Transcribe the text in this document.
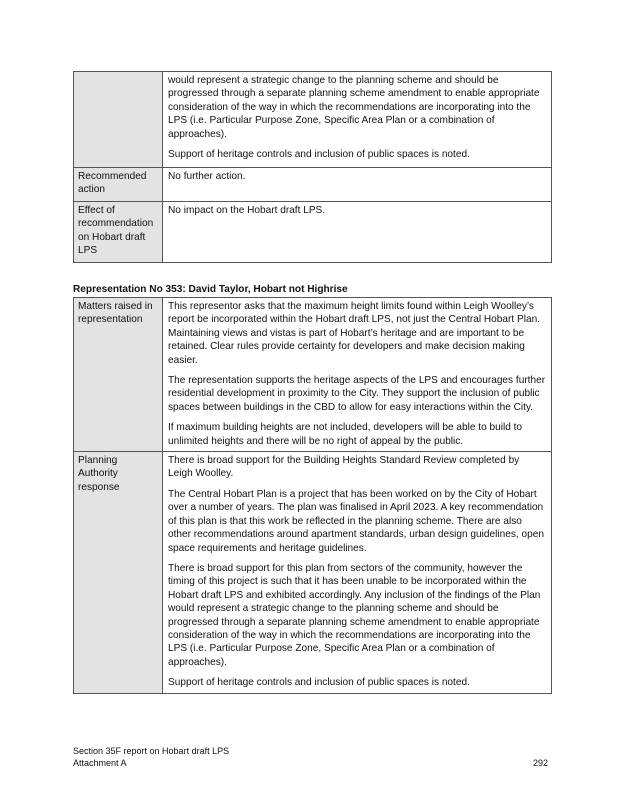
	would represent a strategic change to the planning scheme and should be progressed through a separate planning scheme amendment to enable appropriate consideration of the way in which the recommendations are incorporating into the LPS (i.e. Particular Purpose Zone, Specific Area Plan or a combination of approaches).

Support of heritage controls and inclusion of public spaces is noted.

Recommended action	No further action.

Effect of recommendation on Hobart draft LPS	No impact on the Hobart draft LPS.

Representation No 353: David Taylor, Hobart not Highrise
Matters raised in representation	This representor asks that the maximum height limits found within Leigh Woolley’s report be incorporated within the Hobart draft LPS, not just the Central Hobart Plan. Maintaining views and vistas is part of Hobart’s heritage and are important to be retained. Clear rules provide certainty for developers and make decision making easier.

The representation supports the heritage aspects of the LPS and encourages further residential development in proximity to the City. They support the inclusion of public spaces between buildings in the CBD to allow for easy interactions within the City.

If maximum building heights are not included, developers will be able to build to unlimited heights and there will be no right of appeal by the public.

Planning Authority response	There is broad support for the Building Heights Standard Review completed by Leigh Woolley.

The Central Hobart Plan is a project that has been worked on by the City of Hobart over a number of years. The plan was finalised in April 2023. A key recommendation of this plan is that this work be reflected in the planning scheme. There are also other recommendations around apartment standards, urban design guidelines, open space requirements and heritage guidelines.

There is broad support for this plan from sectors of the community, however the timing of this project is such that it has been unable to be incorporated within the Hobart draft LPS and exhibited accordingly. Any inclusion of the findings of the Plan would represent a strategic change to the planning scheme and should be progressed through a separate planning scheme amendment to enable appropriate consideration of the way in which the recommendations are incorporating into the LPS (i.e. Particular Purpose Zone, Specific Area Plan or a combination of approaches).

Support of heritage controls and inclusion of public spaces is noted.

Section 35F report on Hobart draft LPS
Attachment A	292
